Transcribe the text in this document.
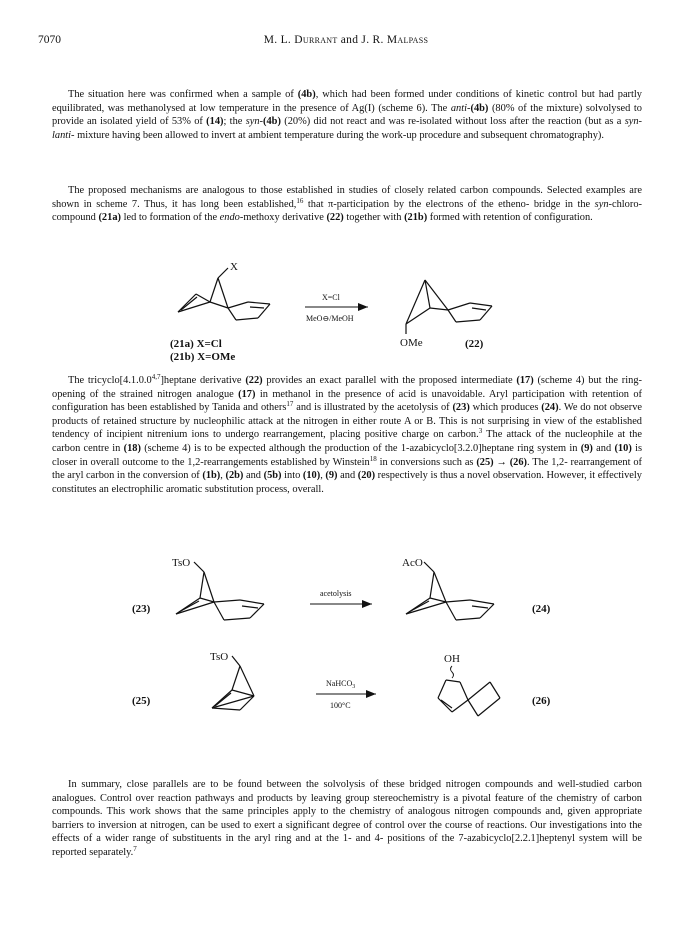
7070	M. L. Durrant and J. R. Malpass

The situation here was confirmed when a sample of (4b), which had been formed under conditions of kinetic control but had partly equilibrated, was methanolysed at low temperature in the presence of Ag(I) (scheme 6). The anti-(4b) (80% of the mixture) solvolysed to provide an isolated yield of 53% of (14); the syn-(4b) (20%) did not react and was re-isolated without loss after the reaction (but as a syn-lanti- mixture having been allowed to invert at ambient temperature during the work-up procedure and subsequent chromatography).

The proposed mechanisms are analogous to those established in studies of closely related carbon compounds. Selected examples are shown in scheme 7. Thus, it has long been established,$^{16}$ that π-participation by the electrons of the etheno- bridge in the syn-chloro- compound (21a) led to formation of the endo-methoxy derivative (22) together with (21b) formed with retention of configuration.

X
X=Cl
MeO⊖/MeOH
OMe
(21a) X=Cl
(21b) X=OMe
(22)

The tricyclo[4.1.0.0$^{4,7}$]heptane derivative (22) provides an exact parallel with the proposed intermediate (17) (scheme 4) but the ring-opening of the strained nitrogen analogue (17) in methanol in the presence of acid is unavoidable. Aryl participation with retention of configuration has been established by Tanida and others$^{17}$ and is illustrated by the acetolysis of (23) which produces (24). We do not observe products of retained structure by nucleophilic attack at the nitrogen in either route A or B. This is not surprising in view of the established tendency of incipient nitrenium ions to undergo rearrangement, placing positive charge on carbon.$^3$ The attack of the nucleophile at the carbon centre in (18) (scheme 4) is to be expected although the production of the 1-azabicyclo[3.2.0]heptane ring system in (9) and (10) is closer in overall outcome to the 1,2-rearrangements established by Winstein$^{18}$ in conversions such as (25) → (26). The 1,2- rearrangement of the aryl carbon in the conversion of (1b), (2b) and (5b) into (10), (9) and (20) respectively is thus a novel observation. However, it effectively constitutes an electrophilic aromatic substitution process, overall.

TsO
(23)
acetolysis
AcO
(24)
TsO
(25)
NaHCO$_3$
100°C
OH
(26)

In summary, close parallels are to be found between the solvolysis of these bridged nitrogen compounds and well-studied carbon analogues. Control over reaction pathways and products by leaving group stereochemistry is a pivotal feature of the chemistry of carbon compounds. This work shows that the same principles apply to the chemistry of analogous nitrogen compounds and, given appropriate barriers to inversion at nitrogen, can be used to exert a significant degree of control over the course of reactions. Our investigations into the effects of a wider range of substituents in the aryl ring and at the 1- and 4- positions of the 7-azabicyclo[2.2.1]heptenyl system will be reported separately.$^7$
